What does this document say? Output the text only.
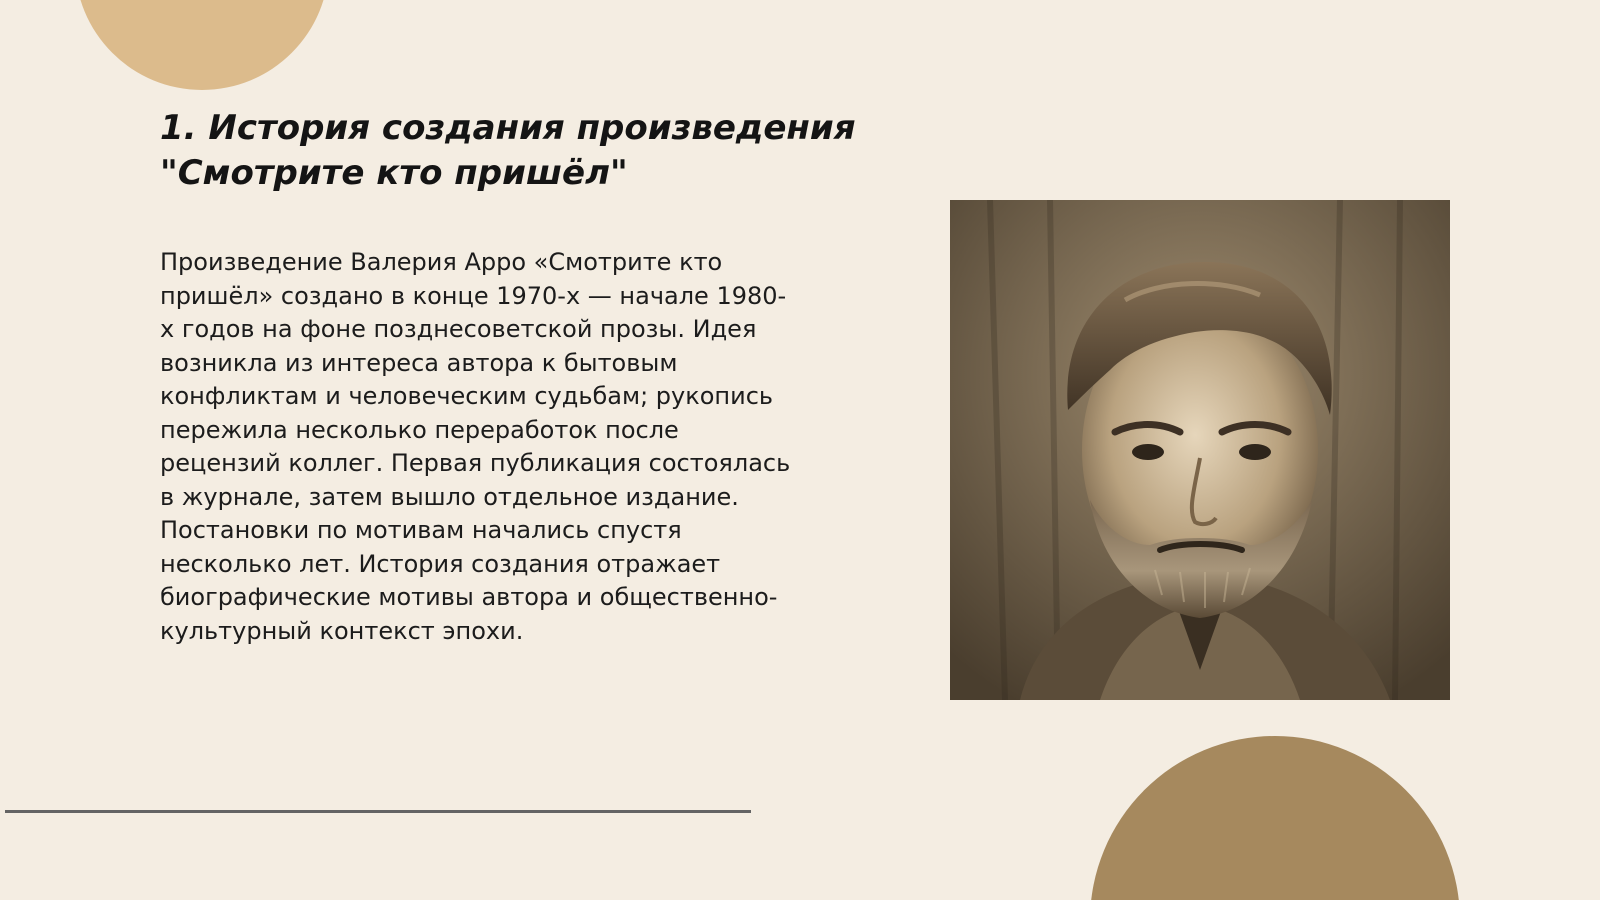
1. История создания произведения
"Смотрите кто пришёл"
Произведение Валерия Арро «Смотрите кто
пришёл» создано в конце 1970-х — начале 1980-
х годов на фоне позднесоветской прозы. Идея
возникла из интереса автора к бытовым
конфликтам и человеческим судьбам; рукопись
пережила несколько переработок после
рецензий коллег. Первая публикация состоялась
в журнале, затем вышло отдельное издание.
Постановки по мотивам начались спустя
несколько лет. История создания отражает
биографические мотивы автора и общественно-
культурный контекст эпохи.
